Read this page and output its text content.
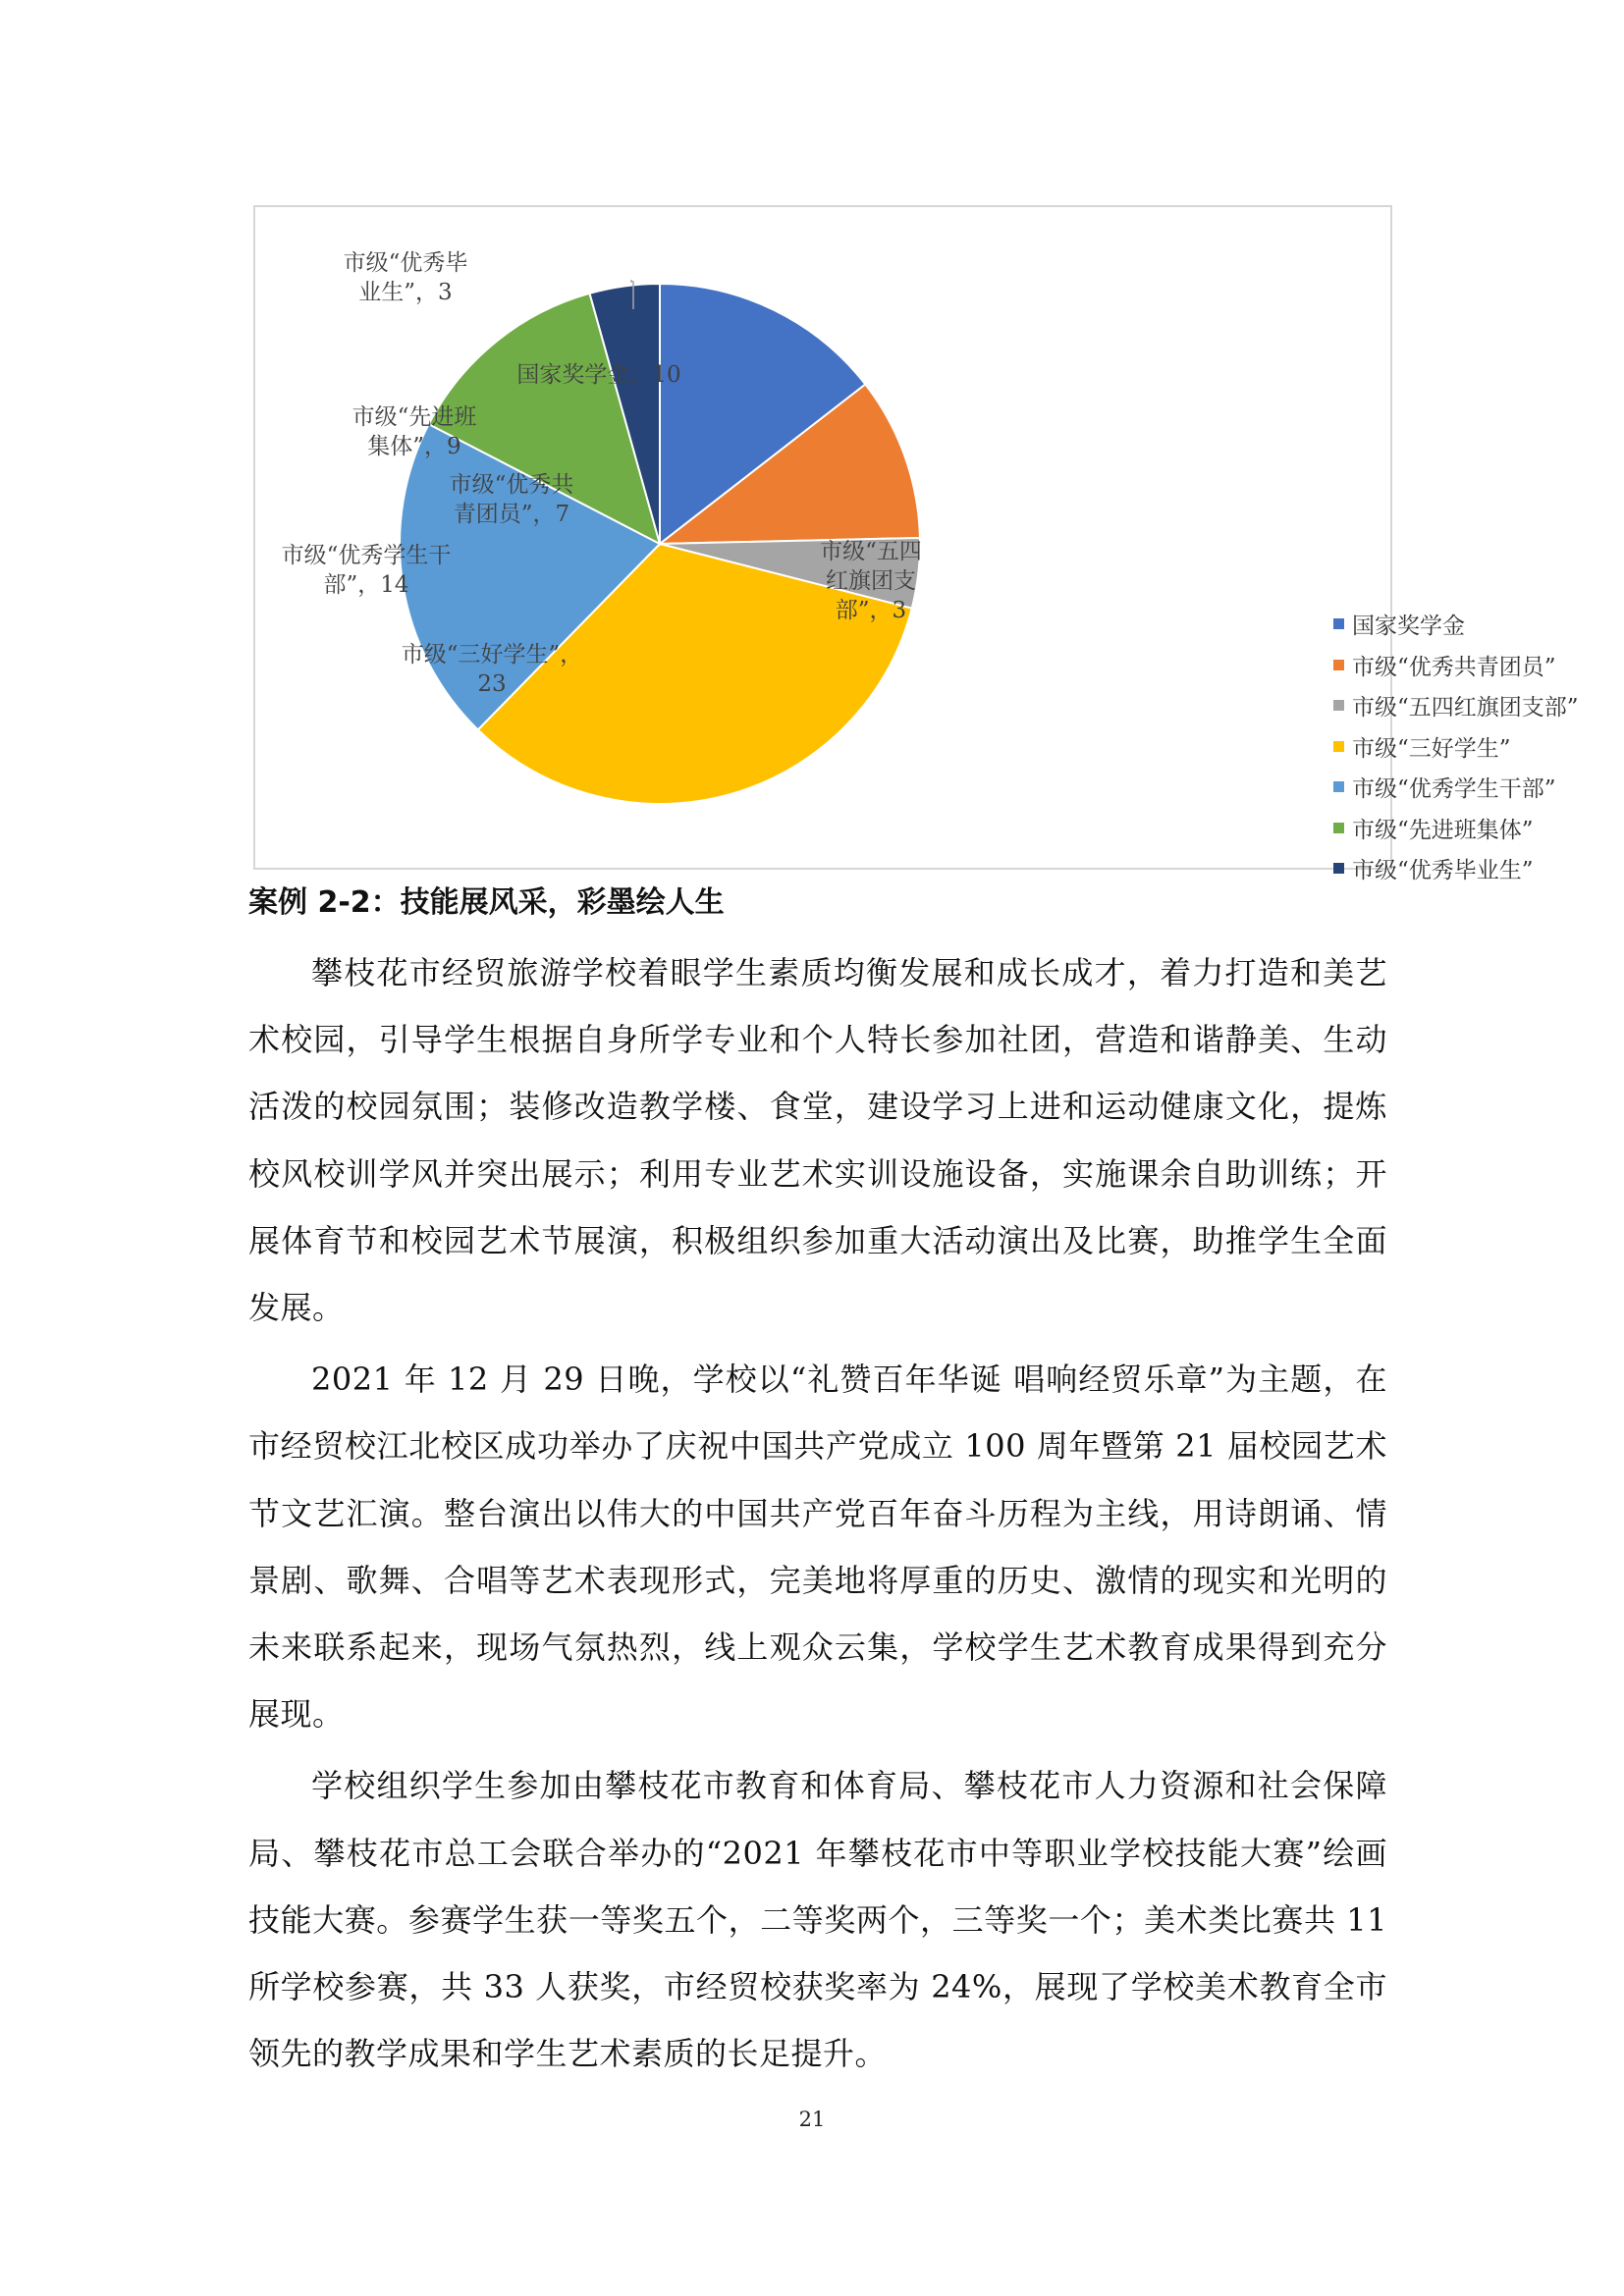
国家奖学金，10
市级“优秀共青团员”，7
市级“五四红旗团支部”，3
市级“三好学生”， 23
市级“优秀学生干部”，14
市级“先进班集体”，9
市级“优秀毕业生”，3
国家奖学金
市级“优秀共青团员”
市级“五四红旗团支部”
市级“三好学生”
市级“优秀学生干部”
市级“先进班集体”
市级“优秀毕业生”
案例 2-2：技能展风采，彩墨绘人生

攀枝花市经贸旅游学校着眼学生素质均衡发展和成长成才，着力打造和美艺术校园，引导学生根据自身所学专业和个人特长参加社团，营造和谐静美、生动活泼的校园氛围；装修改造教学楼、食堂，建设学习上进和运动健康文化，提炼校风校训学风并突出展示；利用专业艺术实训设施设备，实施课余自助训练；开展体育节和校园艺术节展演，积极组织参加重大活动演出及比赛，助推学生全面发展。

2021 年 12 月 29 日晚，学校以“礼赞百年华诞 唱响经贸乐章”为主题，在市经贸校江北校区成功举办了庆祝中国共产党成立 100 周年暨第 21 届校园艺术节文艺汇演。整台演出以伟大的中国共产党百年奋斗历程为主线，用诗朗诵、情景剧、歌舞、合唱等艺术表现形式，完美地将厚重的历史、激情的现实和光明的未来联系起来，现场气氛热烈，线上观众云集，学校学生艺术教育成果得到充分展现。

学校组织学生参加由攀枝花市教育和体育局、攀枝花市人力资源和社会保障局、攀枝花市总工会联合举办的“2021 年攀枝花市中等职业学校技能大赛”绘画技能大赛。参赛学生获一等奖五个，二等奖两个，三等奖一个；美术类比赛共 11 所学校参赛，共 33 人获奖，市经贸校获奖率为 24%，展现了学校美术教育全市领先的教学成果和学生艺术素质的长足提升。

21
